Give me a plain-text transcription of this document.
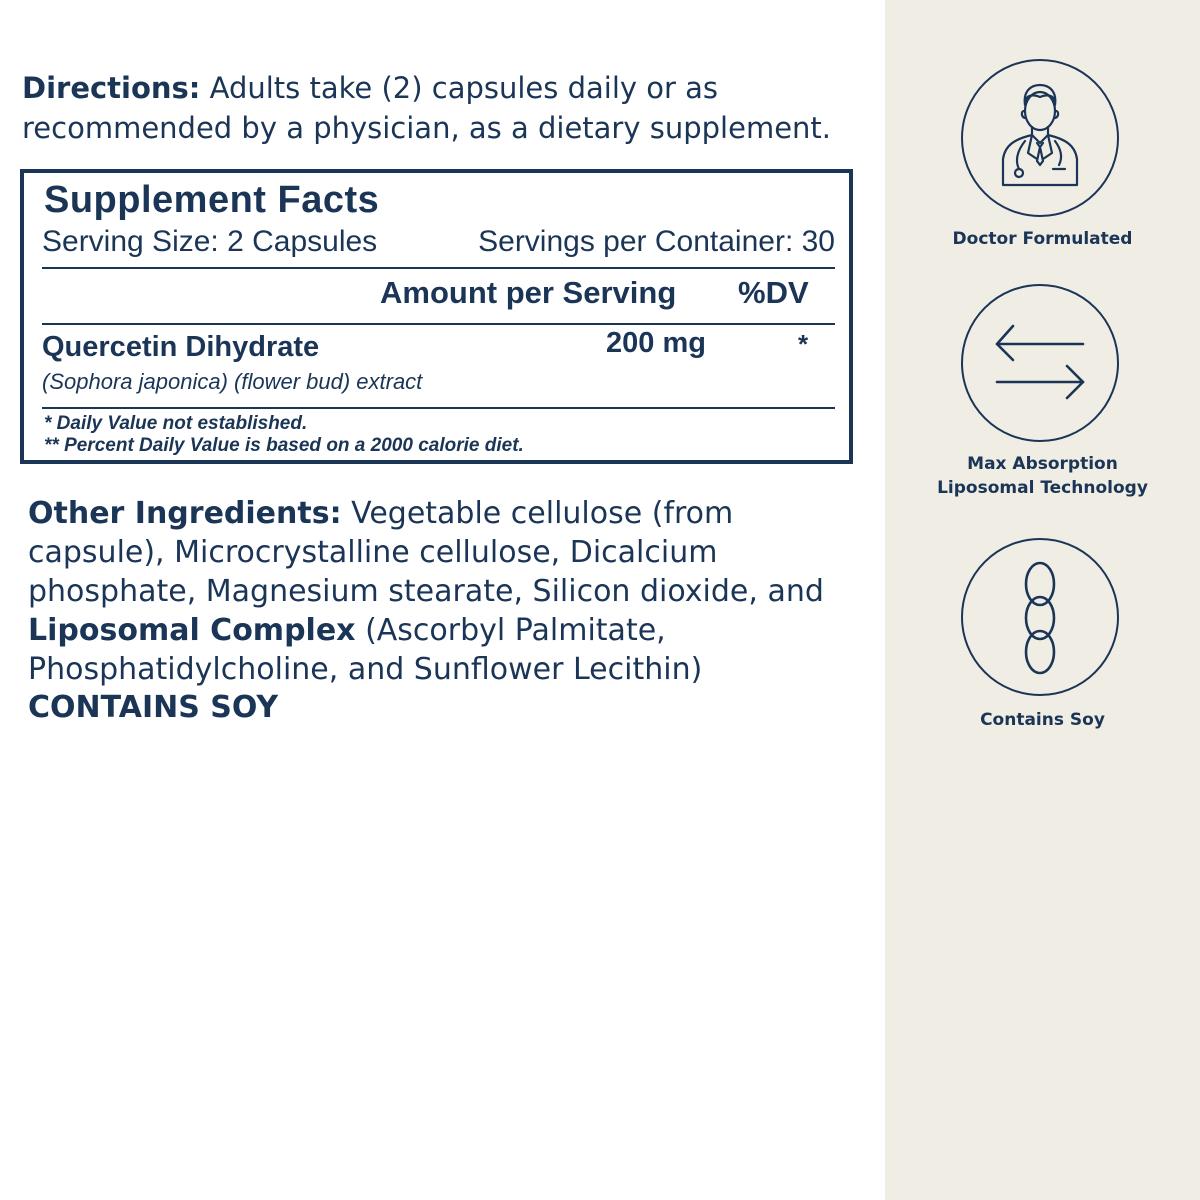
Directions: Adults take (2) capsules daily or as recommended by a physician, as a dietary supplement.
Supplement Facts
Serving Size: 2 Capsules	Servings per Container: 30
Amount per Serving %DV
Quercetin Dihydrate	200 mg	*
(Sophora japonica) (flower bud) extract
* Daily Value not established.
** Percent Daily Value is based on a 2000 calorie diet.
Other Ingredients: Vegetable cellulose (from capsule), Microcrystalline cellulose, Dicalcium phosphate, Magnesium stearate, Silicon dioxide, and Liposomal Complex (Ascorbyl Palmitate, Phosphatidylcholine, and Sunflower Lecithin)
CONTAINS SOY
Doctor Formulated
Max Absorption
Liposomal Technology
Contains Soy
